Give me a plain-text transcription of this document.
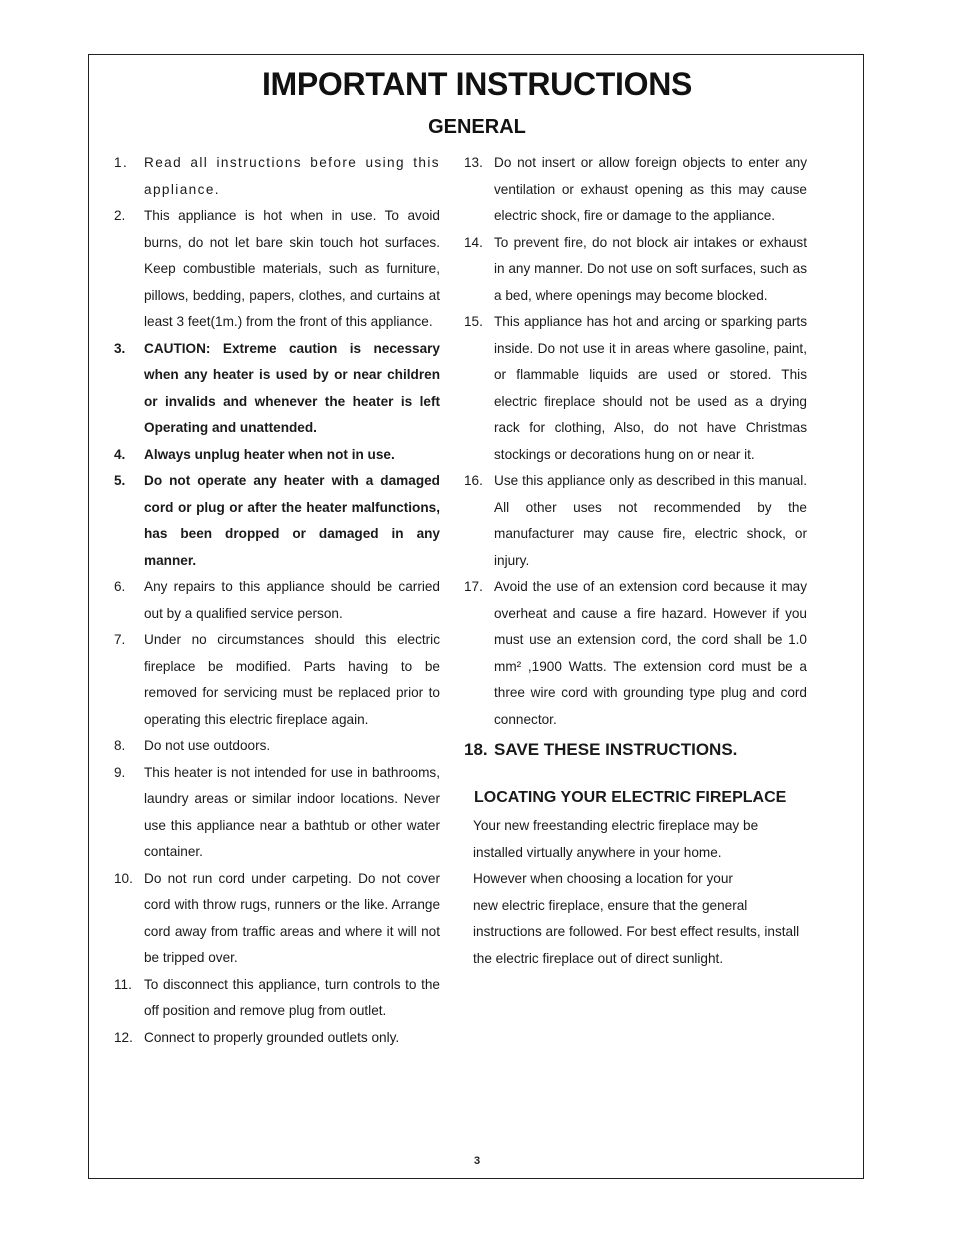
IMPORTANT INSTRUCTIONS
GENERAL
1.	Read all instructions before using this appliance.
2.	This appliance is hot when in use. To avoid burns, do not let bare skin touch hot surfaces. Keep combustible materials, such as furniture, pillows, bedding, papers, clothes, and curtains at least 3 feet(1m.) from the front of this appliance.
3.	CAUTION: Extreme caution is necessary when any heater is used by or near children or invalids and whenever the heater is left Operating and unattended.
4.	Always unplug heater when not in use.
5.	Do not operate any heater with a damaged cord or plug or after the heater malfunctions, has been dropped or damaged in any manner.
6.	Any repairs to this appliance should be carried out by a qualified service person.
7.	Under no circumstances should this electric fireplace be modified. Parts having to be removed for servicing must be replaced prior to operating this electric fireplace again.
8.	Do not use outdoors.
9.	This heater is not intended for use in bathrooms, laundry areas or similar indoor locations. Never use this appliance near a bathtub or other water container.
10. Do not run cord under carpeting. Do not cover cord with throw rugs, runners or the like. Arrange cord away from traffic areas and where it will not be tripped over.
11. To disconnect this appliance, turn controls to the off position and remove plug from outlet.
12. Connect to properly grounded outlets only.
13. Do not insert or allow foreign objects to enter any ventilation or exhaust opening as this may cause electric shock, fire or damage to the appliance.
14. To prevent fire, do not block air intakes or exhaust in any manner. Do not use on soft surfaces, such as a bed, where openings may become blocked.
15. This appliance has hot and arcing or sparking parts inside. Do not use it in areas where gasoline, paint, or flammable liquids are used or stored. This electric fireplace should not be used as a drying rack for clothing, Also, do not have Christmas stockings or decorations hung on or near it.
16. Use this appliance only as described in this manual. All other uses not recommended by the manufacturer may cause fire, electric shock, or injury.
17. Avoid the use of an extension cord because it may overheat and cause a fire hazard. However if you must use an extension cord, the cord shall be 1.0 mm² ,1900 Watts. The extension cord must be a three wire cord with grounding type plug and cord connector.
18. SAVE THESE INSTRUCTIONS.
LOCATING YOUR ELECTRIC FIREPLACE
Your new freestanding electric fireplace may be
installed virtually anywhere in your home.
However when choosing a location for your
new electric fireplace, ensure that the general
instructions are followed. For best effect results, install
the electric fireplace out of direct sunlight.
3
